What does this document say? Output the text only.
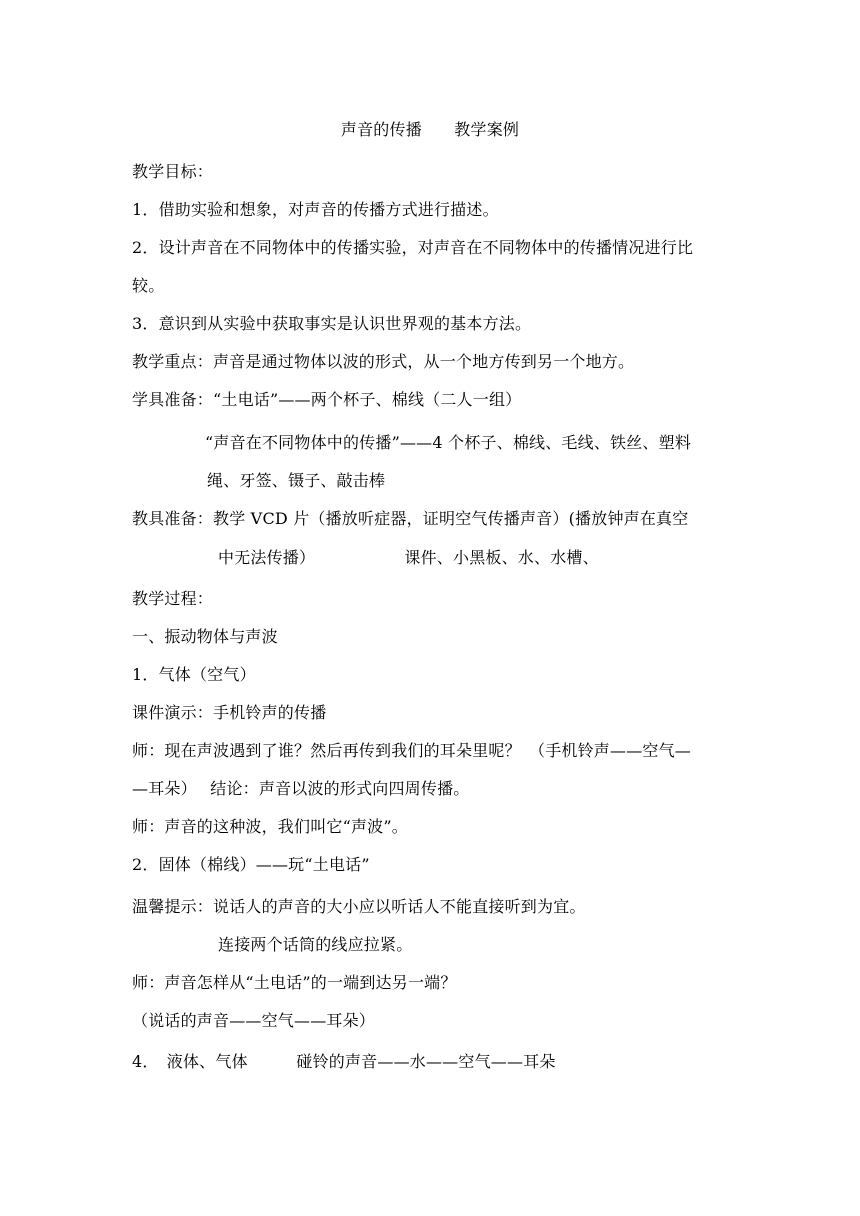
声音的传播　　教学案例
教学目标：
1．借助实验和想象，对声音的传播方式进行描述。
2．设计声音在不同物体中的传播实验，对声音在不同物体中的传播情况进行比
较。
3．意识到从实验中获取事实是认识世界观的基本方法。
教学重点：声音是通过物体以波的形式，从一个地方传到另一个地方。
学具准备：“土电话”——两个杯子、棉线（二人一组）
“声音在不同物体中的传播”——4 个杯子、棉线、毛线、铁丝、塑料
绳、牙签、镊子、敲击棒
教具准备：教学 VCD 片（播放听症器，证明空气传播声音）(播放钟声在真空
中无法传播）　　　　　　课件、小黑板、水、水槽、
教学过程：
一、振动物体与声波
1．气体（空气）
课件演示：手机铃声的传播
师：现在声波遇到了谁？然后再传到我们的耳朵里呢？　（手机铃声——空气—
—耳朵）　 结论：声音以波的形式向四周传播。
师：声音的这种波，我们叫它“声波”。
2．固体（棉线）——玩“土电话”
温馨提示：说话人的声音的大小应以听话人不能直接听到为宜。
连接两个话筒的线应拉紧。
师：声音怎样从“土电话”的一端到达另一端？
（说话的声音——空气——耳朵）
4．　液体、气体　　　碰铃的声音——水——空气——耳朵
